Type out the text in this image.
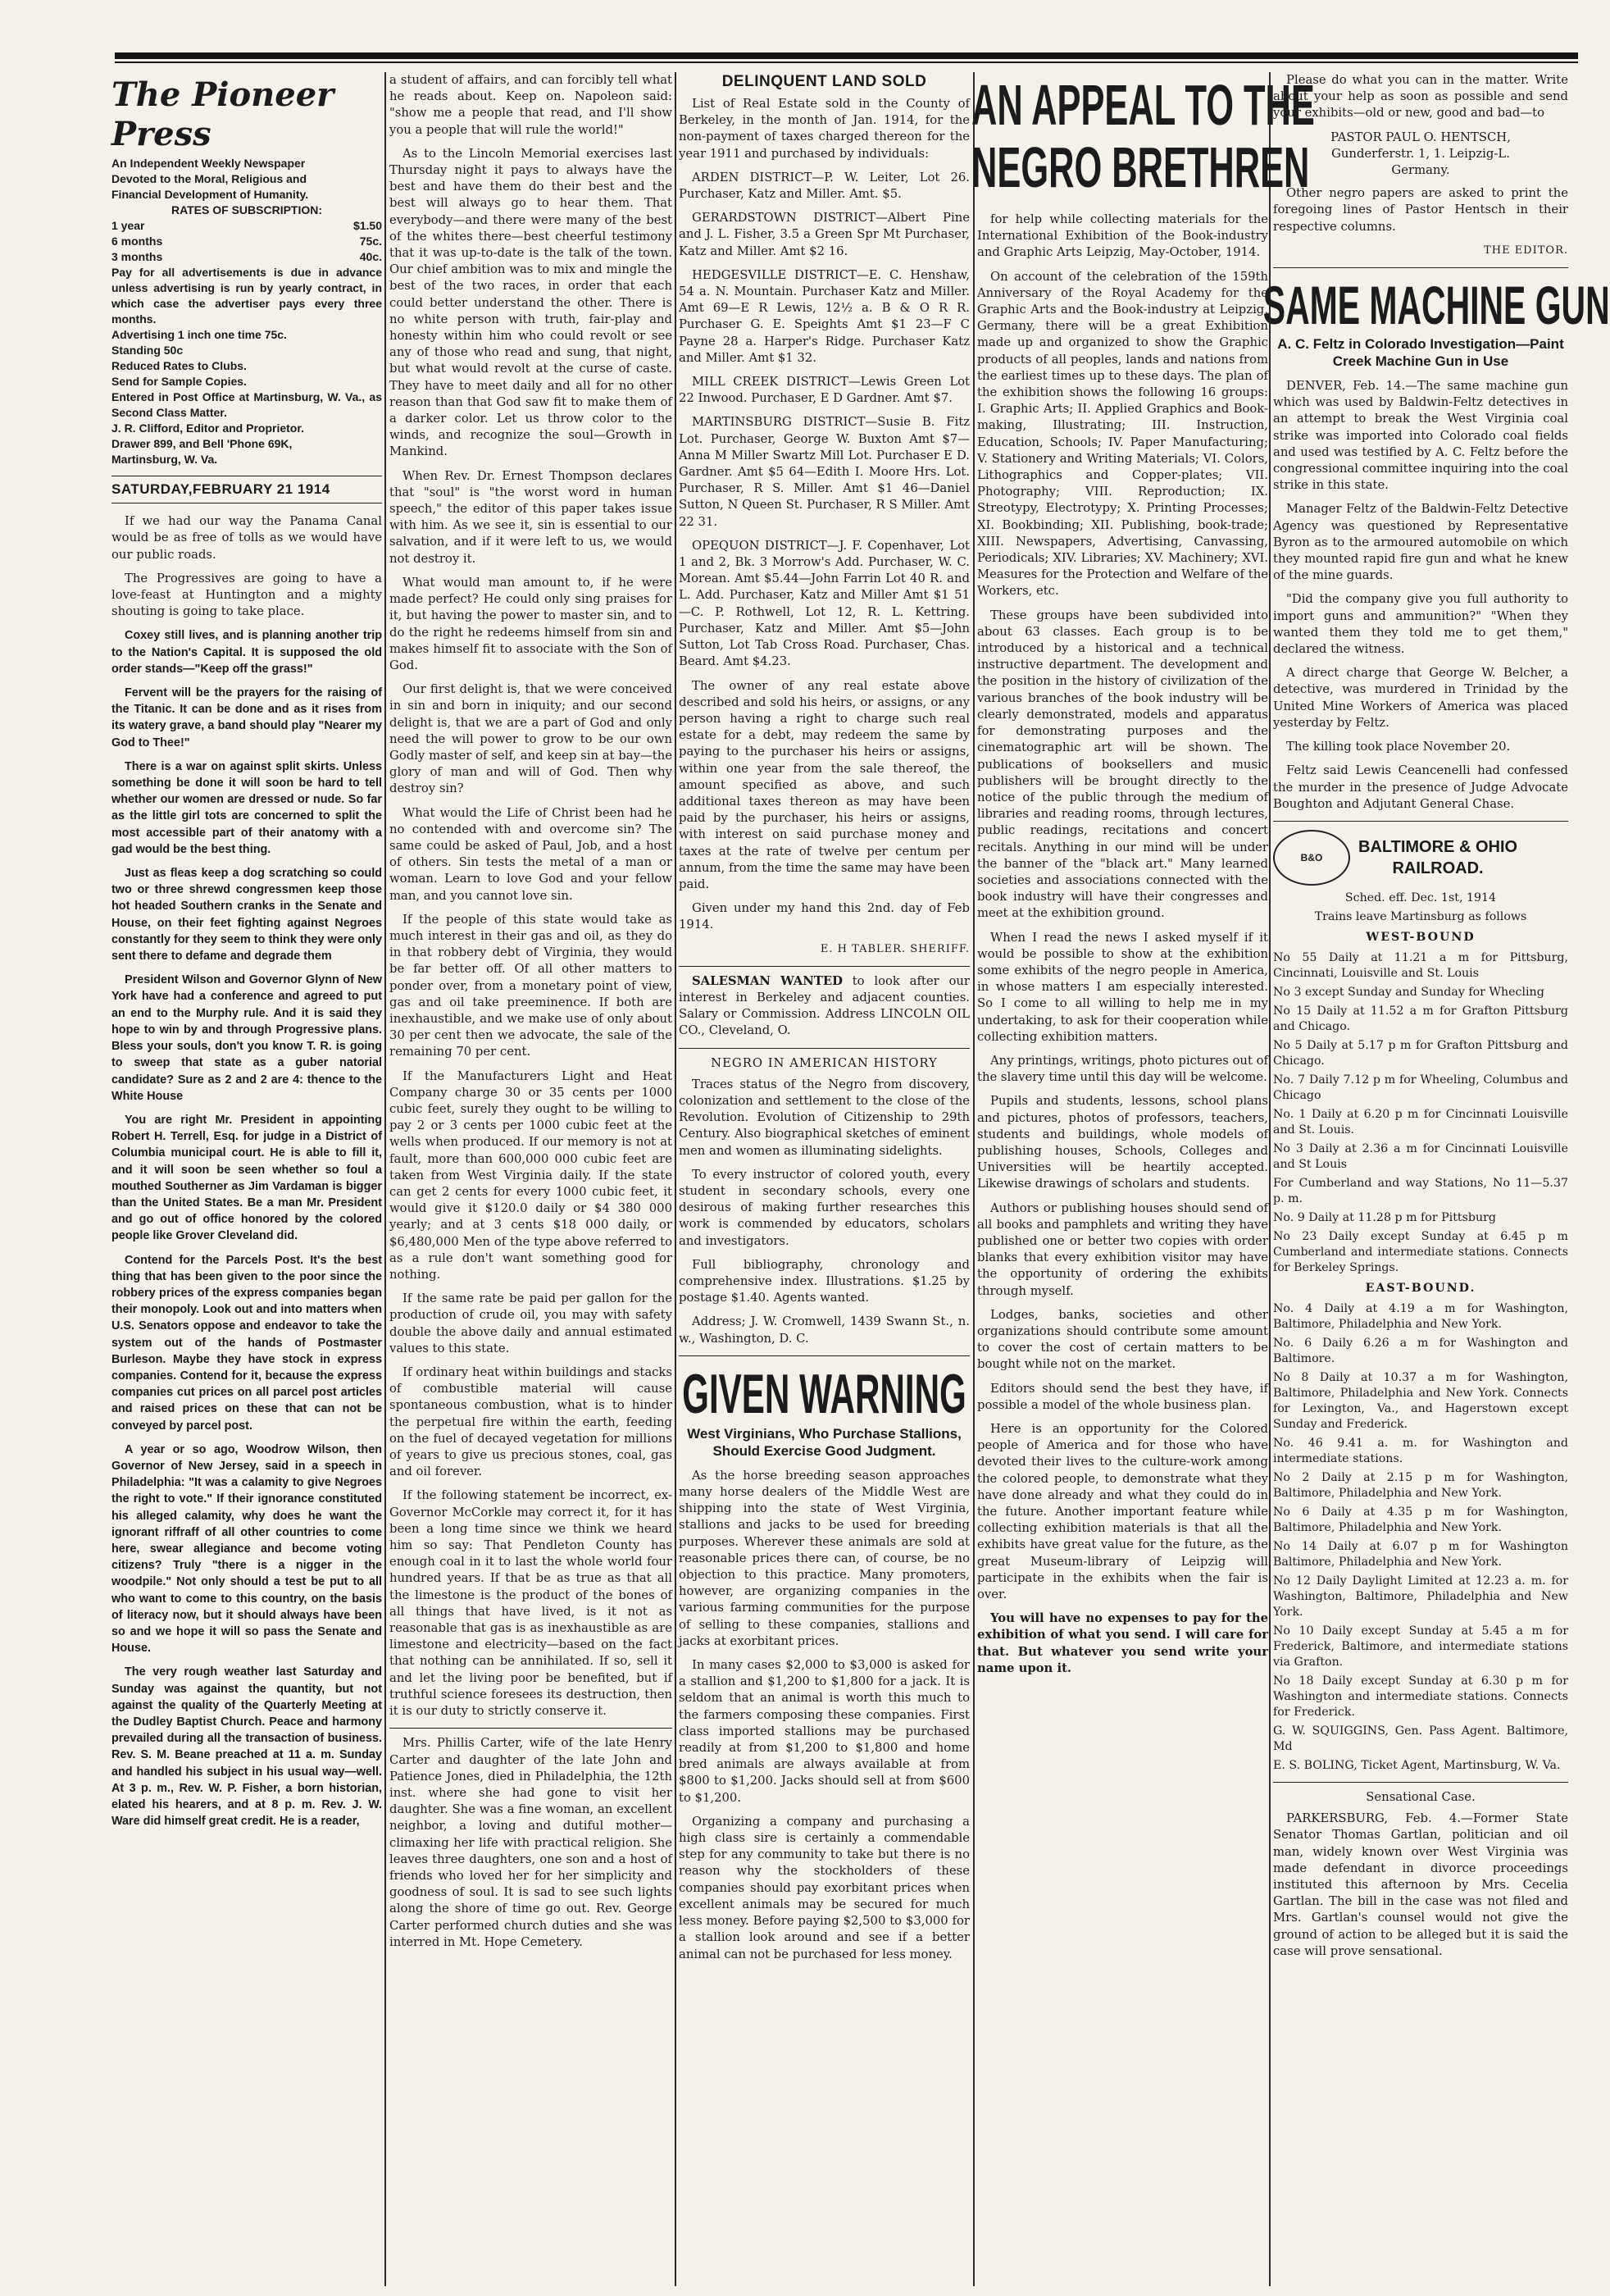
The Pioneer Press
An Independent Weekly Newspaper
Devoted to the Moral, Religious and
Financial Development of Humanity.
RATES OF SUBSCRIPTION:
1 year	$1.50
6 months	75c.
3 months	40c.
Pay for all advertisements is due in advance unless advertising is run by yearly contract, in which case the advertiser pays every three months.
Advertising 1 inch one time 75c.
Standing 50c
Reduced Rates to Clubs.
Send for Sample Copies.
Entered in Post Office at Martinsburg, W. Va., as Second Class Matter.
J. R. Clifford, Editor and Proprietor.
Drawer 899, and Bell 'Phone 69K,
Martinsburg, W. Va.
SATURDAY,FEBRUARY 21 1914

If we had our way the Panama Canal would be as free of tolls as we would have our public roads.

The Progressives are going to have a love-feast at Huntington and a mighty shouting is going to take place.

Coxey still lives, and is planning another trip to the Nation's Capital. It is supposed the old order stands—"Keep off the grass!"

Fervent will be the prayers for the raising of the Titanic. It can be done and as it rises from its watery grave, a band should play "Nearer my God to Thee!"

There is a war on against split skirts. Unless something be done it will soon be hard to tell whether our women are dressed or nude. So far as the little girl tots are concerned to split the most accessible part of their anatomy with a gad would be the best thing.

Just as fleas keep a dog scratching so could two or three shrewd congressmen keep those hot headed Southern cranks in the Senate and House, on their feet fighting against Negroes constantly for they seem to think they were only sent there to defame and degrade them

President Wilson and Governor Glynn of New York have had a conference and agreed to put an end to the Murphy rule. And it is said they hope to win by and through Progressive plans. Bless your souls, don't you know T. R. is going to sweep that state as a guber natorial candidate? Sure as 2 and 2 are 4: thence to the White House

You are right Mr. President in appointing Robert H. Terrell, Esq. for judge in a District of Columbia municipal court. He is able to fill it, and it will soon be seen whether so foul a mouthed Southerner as Jim Vardaman is bigger than the United States. Be a man Mr. President and go out of office honored by the colored people like Grover Cleveland did.

Contend for the Parcels Post. It's the best thing that has been given to the poor since the robbery prices of the express companies began their monopoly. Look out and into matters when U.S. Senators oppose and endeavor to take the system out of the hands of Postmaster Burleson. Maybe they have stock in express companies. Contend for it, because the express companies cut prices on all parcel post articles and raised prices on these that can not be conveyed by parcel post.

A year or so ago, Woodrow Wilson, then Governor of New Jersey, said in a speech in Philadelphia: "It was a calamity to give Negroes the right to vote." If their ignorance constituted his alleged calamity, why does he want the ignorant riffraff of all other countries to come here, swear allegiance and become voting citizens? Truly "there is a nigger in the woodpile." Not only should a test be put to all who want to come to this country, on the basis of literacy now, but it should always have been so and we hope it will so pass the Senate and House.

The very rough weather last Saturday and Sunday was against the quantity, but not against the quality of the Quarterly Meeting at the Dudley Baptist Church. Peace and harmony prevailed during all the transaction of business. Rev. S. M. Beane preached at 11 a. m. Sunday and handled his subject in his usual way—well. At 3 p. m., Rev. W. P. Fisher, a born historian, elated his hearers, and at 8 p. m. Rev. J. W. Ware did himself great credit. He is a reader,

a student of affairs, and can forcibly tell what he reads about. Keep on. Napoleon said: "show me a people that read, and I'll show you a people that will rule the world!"

As to the Lincoln Memorial exercises last Thursday night it pays to always have the best and have them do their best and the best will always go to hear them. That everybody—and there were many of the best of the whites there—best cheerful testimony that it was up-to-date is the talk of the town. Our chief ambition was to mix and mingle the best of the two races, in order that each could better understand the other. There is no white person with truth, fair-play and honesty within him who could revolt or see any of those who read and sung, that night, but what would revolt at the curse of caste. They have to meet daily and all for no other reason than that God saw fit to make them of a darker color. Let us throw color to the winds, and recognize the soul—Growth in Mankind.

When Rev. Dr. Ernest Thompson declares that "soul" is "the worst word in human speech," the editor of this paper takes issue with him. As we see it, sin is essential to our salvation, and if it were left to us, we would not destroy it.

What would man amount to, if he were made perfect? He could only sing praises for it, but having the power to master sin, and to do the right he redeems himself from sin and makes himself fit to associate with the Son of God.

Our first delight is, that we were conceived in sin and born in iniquity; and our second delight is, that we are a part of God and only need the will power to grow to be our own Godly master of self, and keep sin at bay—the glory of man and will of God. Then why destroy sin?

What would the Life of Christ been had he no contended with and overcome sin? The same could be asked of Paul, Job, and a host of others. Sin tests the metal of a man or woman. Learn to love God and your fellow man, and you cannot love sin.

If the people of this state would take as much interest in their gas and oil, as they do in that robbery debt of Virginia, they would be far better off. Of all other matters to ponder over, from a monetary point of view, gas and oil take preeminence. If both are inexhaustible, and we make use of only about 30 per cent then we advocate, the sale of the remaining 70 per cent.

If the Manufacturers Light and Heat Company charge 30 or 35 cents per 1000 cubic feet, surely they ought to be willing to pay 2 or 3 cents per 1000 cubic feet at the wells when produced. If our memory is not at fault, more than 600,000 000 cubic feet are taken from West Virginia daily. If the state can get 2 cents for every 1000 cubic feet, it would give it $120.0 daily or $4 380 000 yearly; and at 3 cents $18 000 daily, or $6,480,000 Men of the type above referred to as a rule don't want something good for nothing.

If the same rate be paid per gallon for the production of crude oil, you may with safety double the above daily and annual estimated values to this state.

If ordinary heat within buildings and stacks of combustible material will cause spontaneous combustion, what is to hinder the perpetual fire within the earth, feeding on the fuel of decayed vegetation for millions of years to give us precious stones, coal, gas and oil forever.

If the following statement be incorrect, ex-Governor McCorkle may correct it, for it has been a long time since we think we heard him so say: That Pendleton County has enough coal in it to last the whole world four hundred years. If that be as true as that all the limestone is the product of the bones of all things that have lived, is it not as reasonable that gas is as inexhaustible as are limestone and electricity—based on the fact that nothing can be annihilated. If so, sell it and let the living poor be benefited, but if truthful science foresees its destruction, then it is our duty to strictly conserve it.

Mrs. Phillis Carter, wife of the late Henry Carter and daughter of the late John and Patience Jones, died in Philadelphia, the 12th inst. where she had gone to visit her daughter. She was a fine woman, an excellent neighbor, a loving and dutiful mother—climaxing her life with practical religion. She leaves three daughters, one son and a host of friends who loved her for her simplicity and goodness of soul. It is sad to see such lights along the shore of time go out. Rev. George Carter performed church duties and she was interred in Mt. Hope Cemetery.

DELINQUENT LAND SOLD

List of Real Estate sold in the County of Berkeley, in the month of Jan. 1914, for the non-payment of taxes charged thereon for the year 1911 and purchased by individuals:

ARDEN DISTRICT—P. W. Leiter, Lot 26. Purchaser, Katz and Miller. Amt. $5.

GERARDSTOWN DISTRICT—Albert Pine and J. L. Fisher, 3.5 a Green Spr Mt Purchaser, Katz and Miller. Amt $2 16.

HEDGESVILLE DISTRICT—E. C. Henshaw, 54 a. N. Mountain. Purchaser Katz and Miller. Amt 69—E R Lewis, 12½ a. B & O R R. Purchaser G. E. Speights Amt $1 23—F C Payne 28 a. Harper's Ridge. Purchaser Katz and Miller. Amt $1 32.

MILL CREEK DISTRICT—Lewis Green Lot 22 Inwood. Purchaser, E D Gardner. Amt $7.

MARTINSBURG DISTRICT—Susie B. Fitz Lot. Purchaser, George W. Buxton Amt $7—Anna M Miller Swartz Mill Lot. Purchaser E D. Gardner. Amt $5 64—Edith I. Moore Hrs. Lot. Purchaser, R S. Miller. Amt $1 46—Daniel Sutton, N Queen St. Purchaser, R S Miller. Amt 22 31.

OPEQUON DISTRICT—J. F. Copenhaver, Lot 1 and 2, Bk. 3 Morrow's Add. Purchaser, W. C. Morean. Amt $5.44—John Farrin Lot 40 R. and L. Add. Purchaser, Katz and Miller Amt $1 51—C. P. Rothwell, Lot 12, R. L. Kettring. Purchaser, Katz and Miller. Amt $5—John Sutton, Lot Tab Cross Road. Purchaser, Chas. Beard. Amt $4.23.

The owner of any real estate above described and sold his heirs, or assigns, or any person having a right to charge such real estate for a debt, may redeem the same by paying to the purchaser his heirs or assigns, within one year from the sale thereof, the amount specified as above, and such additional taxes thereon as may have been paid by the purchaser, his heirs or assigns, with interest on said purchase money and taxes at the rate of twelve per centum per annum, from the time the same may have been paid.

Given under my hand this 2nd. day of Feb 1914.

E. H TABLER. SHERIFF.

SALESMAN WANTED to look after our interest in Berkeley and adjacent counties. Salary or Commission. Address LINCOLN OIL CO., Cleveland, O.

NEGRO IN AMERICAN HISTORY

Traces status of the Negro from discovery, colonization and settlement to the close of the Revolution. Evolution of Citizenship to 29th Century. Also biographical sketches of eminent men and women as illuminating sidelights.

To every instructor of colored youth, every student in secondary schools, every one desirous of making further researches this work is commended by educators, scholars and investigators.

Full bibliography, chronology and comprehensive index. Illustrations. $1.25 by postage $1.40. Agents wanted.

Address; J. W. Cromwell, 1439 Swann St., n. w., Washington, D. C.

GIVEN WARNING
West Virginians, Who Purchase Stallions, Should Exercise Good Judgment.

As the horse breeding season approaches many horse dealers of the Middle West are shipping into the state of West Virginia, stallions and jacks to be used for breeding purposes. Wherever these animals are sold at reasonable prices there can, of course, be no objection to this practice. Many promoters, however, are organizing companies in the various farming communities for the purpose of selling to these companies, stallions and jacks at exorbitant prices.

In many cases $2,000 to $3,000 is asked for a stallion and $1,200 to $1,800 for a jack. It is seldom that an animal is worth this much to the farmers composing these companies. First class imported stallions may be purchased readily at from $1,200 to $1,800 and home bred animals are always available at from $800 to $1,200. Jacks should sell at from $600 to $1,200.

Organizing a company and purchasing a high class sire is certainly a commendable step for any community to take but there is no reason why the stockholders of these companies should pay exorbitant prices when excellent animals may be secured for much less money. Before paying $2,500 to $3,000 for a stallion look around and see if a better animal can not be purchased for less money.

AN APPEAL TO THE
NEGRO BRETHREN

for help while collecting materials for the International Exhibition of the Book-industry and Graphic Arts Leipzig, May-October, 1914.

On account of the celebration of the 159th Anniversary of the Royal Academy for the Graphic Arts and the Book-industry at Leipzig, Germany, there will be a great Exhibition made up and organized to show the Graphic products of all peoples, lands and nations from the earliest times up to these days. The plan of the exhibition shows the following 16 groups: I. Graphic Arts; II. Applied Graphics and Book-making, Illustrating; III. Instruction, Education, Schools; IV. Paper Manufacturing; V. Stationery and Writing Materials; VI. Colors, Lithographics and Copper-plates; VII. Photography; VIII. Reproduction; IX. Streotypy, Electrotypy; X. Printing Processes; XI. Bookbinding; XII. Publishing, book-trade; XIII. Newspapers, Advertising, Canvassing, Periodicals; XIV. Libraries; XV. Machinery; XVI. Measures for the Protection and Welfare of the Workers, etc.

These groups have been subdivided into about 63 classes. Each group is to be introduced by a historical and a technical instructive department. The development and the position in the history of civilization of the various branches of the book industry will be clearly demonstrated, models and apparatus for demonstrating purposes and the cinematographic art will be shown. The publications of booksellers and music publishers will be brought directly to the notice of the public through the medium of libraries and reading rooms, through lectures, public readings, recitations and concert recitals. Anything in our mind will be under the banner of the "black art." Many learned societies and associations connected with the book industry will have their congresses and meet at the exhibition ground.

When I read the news I asked myself if it would be possible to show at the exhibition some exhibits of the negro people in America, in whose matters I am especially interested. So I come to all willing to help me in my undertaking, to ask for their cooperation while collecting exhibition matters.

Any printings, writings, photo pictures out of the slavery time until this day will be welcome.

Pupils and students, lessons, school plans and pictures, photos of professors, teachers, students and buildings, whole models of publishing houses, Schools, Colleges and Universities will be heartily accepted. Likewise drawings of scholars and students.

Authors or publishing houses should send of all books and pamphlets and writing they have published one or better two copies with order blanks that every exhibition visitor may have the opportunity of ordering the exhibits through myself.

Lodges, banks, societies and other organizations should contribute some amount to cover the cost of certain matters to be bought while not on the market.

Editors should send the best they have, if possible a model of the whole business plan.

Here is an opportunity for the Colored people of America and for those who have devoted their lives to the culture-work among the colored people, to demonstrate what they have done already and what they could do in the future. Another important feature while collecting exhibition materials is that all the exhibits have great value for the future, as the great Museum-library of Leipzig will participate in the exhibits when the fair is over.

You will have no expenses to pay for the exhibition of what you send. I will care for that. But whatever you send write your name upon it.

Please do what you can in the matter. Write about your help as soon as possible and send your exhibits—old or new, good and bad—to

PASTOR PAUL O. HENTSCH,
Gunderferstr. 1, 1. Leipzig-L.
Germany.

Other negro papers are asked to print the foregoing lines of Pastor Hentsch in their respective columns.

THE EDITOR.
SAME MACHINE GUN
A. C. Feltz in Colorado Investigation—Paint Creek Machine Gun in Use

DENVER, Feb. 14.—The same machine gun which was used by Baldwin-Feltz detectives in an attempt to break the West Virginia coal strike was imported into Colorado coal fields and used was testified by A. C. Feltz before the congressional committee inquiring into the coal strike in this state.

Manager Feltz of the Baldwin-Feltz Detective Agency was questioned by Representative Byron as to the armoured automobile on which they mounted rapid fire gun and what he knew of the mine guards.

"Did the company give you full authority to import guns and ammunition?" "When they wanted them they told me to get them," declared the witness.

A direct charge that George W. Belcher, a detective, was murdered in Trinidad by the United Mine Workers of America was placed yesterday by Feltz.

The killing took place November 20.

Feltz said Lewis Ceancenelli had confessed the murder in the presence of Judge Advocate Boughton and Adjutant General Chase.

B&O
BALTIMORE & OHIO
RAILROAD.

Sched. eff. Dec. 1st, 1914

Trains leave Martinsburg as follows

WEST-BOUND

No 55 Daily at 11.21 a m for Pittsburg, Cincinnati, Louisville and St. Louis

No 3 except Sunday and Sunday for Whecling

No 15 Daily at 11.52 a m for Grafton Pittsburg and Chicago.

No 5 Daily at 5.17 p m for Grafton Pittsburg and Chicago.

No. 7 Daily 7.12 p m for Wheeling, Columbus and Chicago

No. 1 Daily at 6.20 p m for Cincinnati Louisville and St. Louis.

No 3 Daily at 2.36 a m for Cincinnati Louisville and St Louis

For Cumberland and way Stations, No 11—5.37 p. m.

No. 9 Daily at 11.28 p m for Pittsburg

No 23 Daily except Sunday at 6.45 p m Cumberland and intermediate stations. Connects for Berkeley Springs.

EAST-BOUND.

No. 4 Daily at 4.19 a m for Washington, Baltimore, Philadelphia and New York.

No. 6 Daily 6.26 a m for Washington and Baltimore.

No 8 Daily at 10.37 a m for Washington, Baltimore, Philadelphia and New York. Connects for Lexington, Va., and Hagerstown except Sunday and Frederick.

No. 46 9.41 a. m. for Washington and intermediate stations.

No 2 Daily at 2.15 p m for Washington, Baltimore, Philadelphia and New York.

No 6 Daily at 4.35 p m for Washington, Baltimore, Philadelphia and New York.

No 14 Daily at 6.07 p m for Washington Baltimore, Philadelphia and New York.

No 12 Daily Daylight Limited at 12.23 a. m. for Washington, Baltimore, Philadelphia and New York.

No 10 Daily except Sunday at 5.45 a m for Frederick, Baltimore, and intermediate stations via Grafton.

No 18 Daily except Sunday at 6.30 p m for Washington and intermediate stations. Connects for Frederick.

G. W. SQUIGGINS, Gen. Pass Agent. Baltimore, Md

E. S. BOLING, Ticket Agent, Martinsburg, W. Va.

Sensational Case.

PARKERSBURG, Feb. 4.—Former State Senator Thomas Gartlan, politician and oil man, widely known over West Virginia was made defendant in divorce proceedings instituted this afternoon by Mrs. Cecelia Gartlan. The bill in the case was not filed and Mrs. Gartlan's counsel would not give the ground of action to be alleged but it is said the case will prove sensational.
